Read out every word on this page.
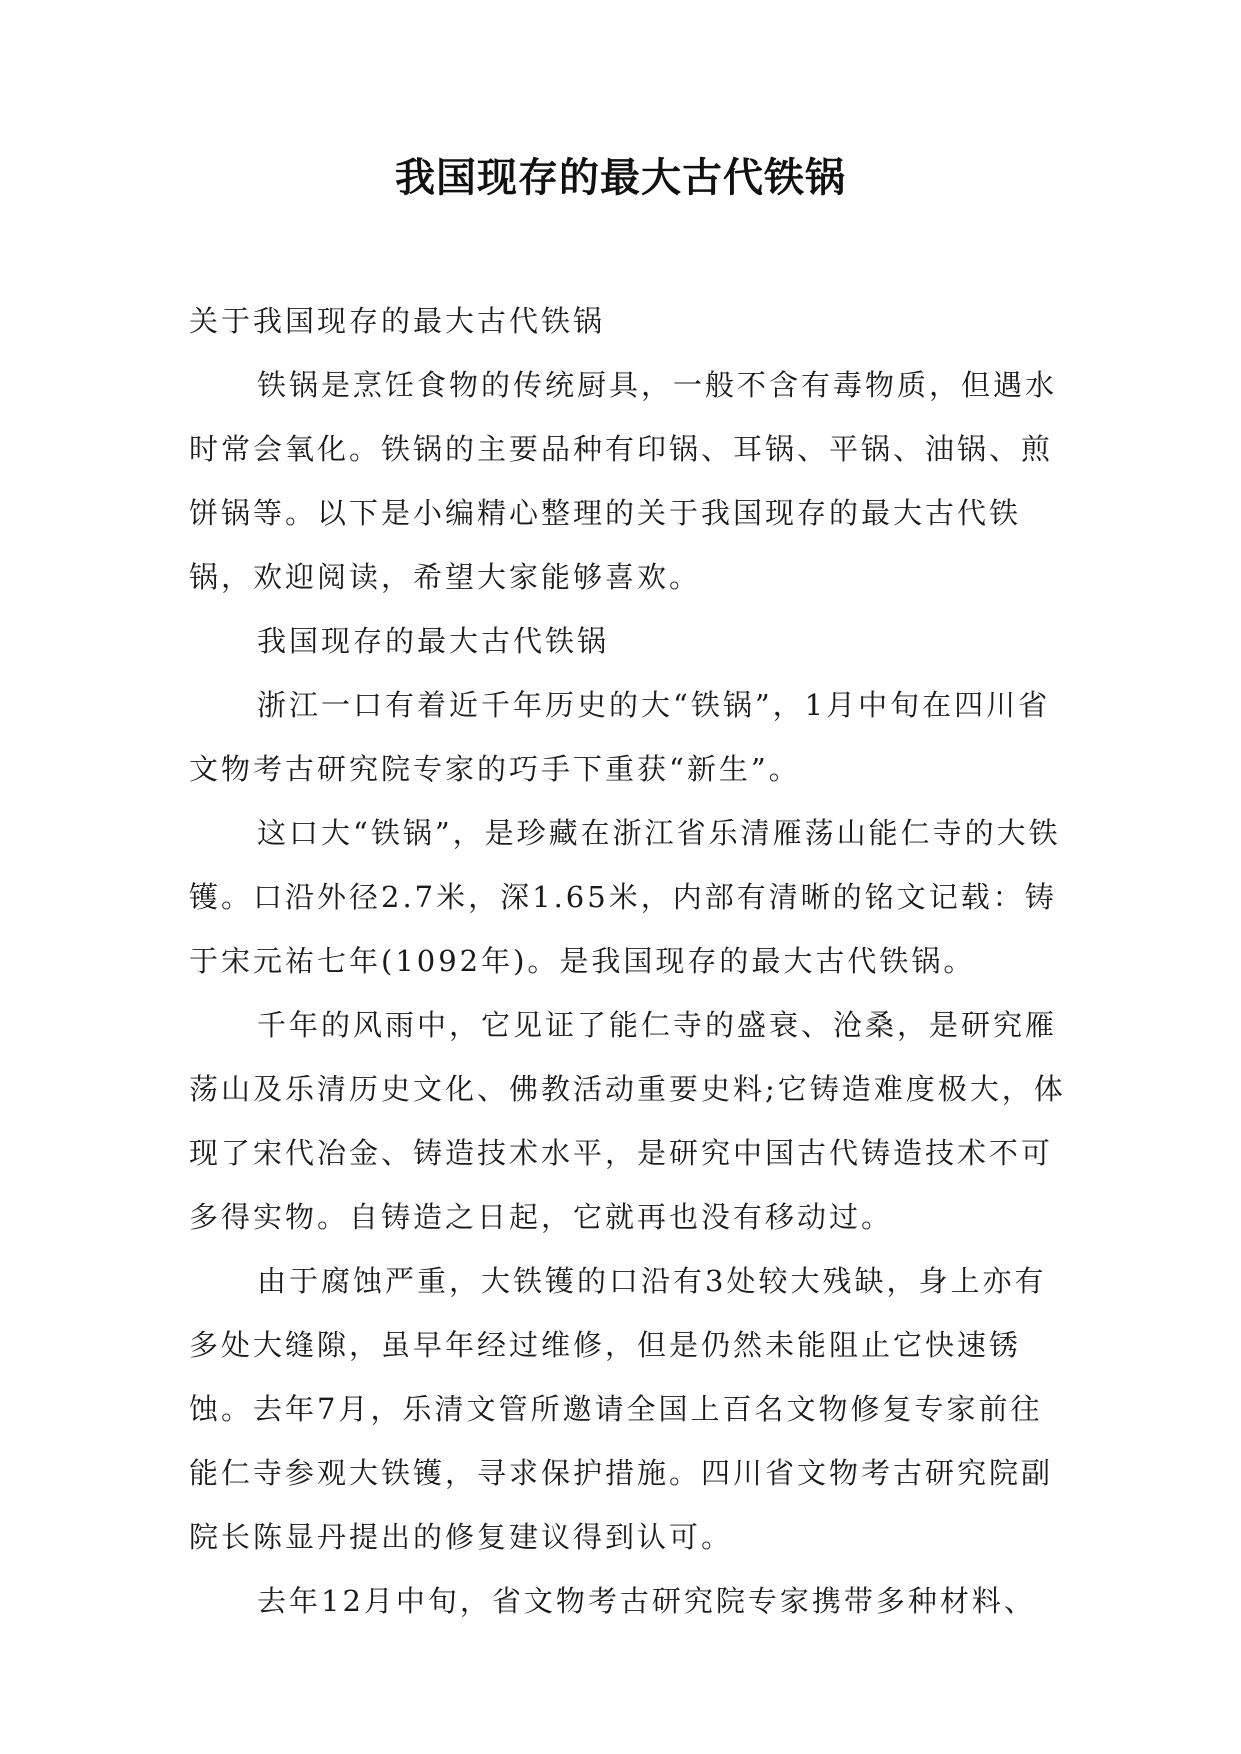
我国现存的最大古代铁锅

关于我国现存的最大古代铁锅

铁锅是烹饪食物的传统厨具，一般不含有毒物质，但遇水时常会氧化。铁锅的主要品种有印锅、耳锅、平锅、油锅、煎饼锅等。以下是小编精心整理的关于我国现存的最大古代铁锅，欢迎阅读，希望大家能够喜欢。

我国现存的最大古代铁锅

浙江一口有着近千年历史的大“铁锅”，1月中旬在四川省文物考古研究院专家的巧手下重获“新生”。

这口大“铁锅”，是珍藏在浙江省乐清雁荡山能仁寺的大铁镬。口沿外径2.7米，深1.65米，内部有清晰的铭文记载：铸于宋元祐七年(1092年)。是我国现存的最大古代铁锅。

千年的风雨中，它见证了能仁寺的盛衰、沧桑，是研究雁荡山及乐清历史文化、佛教活动重要史料;它铸造难度极大，体现了宋代冶金、铸造技术水平，是研究中国古代铸造技术不可多得实物。自铸造之日起，它就再也没有移动过。

由于腐蚀严重，大铁镬的口沿有3处较大残缺，身上亦有多处大缝隙，虽早年经过维修，但是仍然未能阻止它快速锈蚀。去年7月，乐清文管所邀请全国上百名文物修复专家前往能仁寺参观大铁镬，寻求保护措施。四川省文物考古研究院副院长陈显丹提出的修复建议得到认可。

去年12月中旬，省文物考古研究院专家携带多种材料、
